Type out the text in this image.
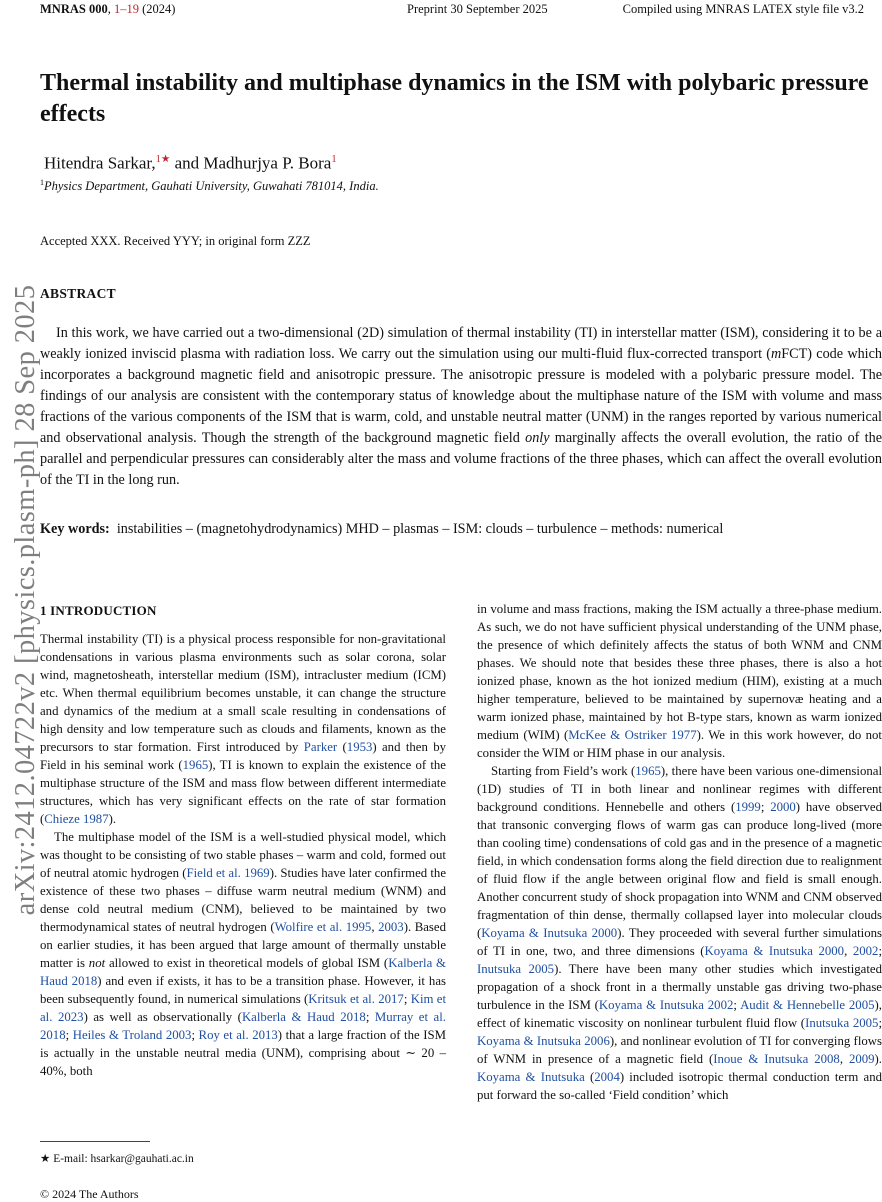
MNRAS 000, 1–19 (2024)	Preprint 30 September 2025	Compiled using MNRAS LATEX style file v3.2
arXiv:2412.04722v2 [physics.plasm-ph] 28 Sep 2025
Thermal instability and multiphase dynamics in the ISM with polybaric pressure effects
Hitendra Sarkar,$^{1★}$ and Madhurjya P. Bora$^1$
$^1$Physics Department, Gauhati University, Guwahati 781014, India.
Accepted XXX. Received YYY; in original form ZZZ
ABSTRACT

In this work, we have carried out a two-dimensional (2D) simulation of thermal instability (TI) in interstellar matter (ISM), considering it to be a weakly ionized inviscid plasma with radiation loss. We carry out the simulation using our multi-fluid flux-corrected transport (mFCT) code which incorporates a background magnetic field and anisotropic pressure. The anisotropic pressure is modeled with a polybaric pressure model. The findings of our analysis are consistent with the contemporary status of knowledge about the multiphase nature of the ISM with volume and mass fractions of the various components of the ISM that is warm, cold, and unstable neutral matter (UNM) in the ranges reported by various numerical and observational analysis. Though the strength of the background magnetic field only marginally affects the overall evolution, the ratio of the parallel and perpendicular pressures can considerably alter the mass and volume fractions of the three phases, which can affect the overall evolution of the TI in the long run.

Key words: instabilities – (magnetohydrodynamics) MHD – plasmas – ISM: clouds – turbulence – methods: numerical
1 INTRODUCTION

Thermal instability (TI) is a physical process responsible for non-gravitational condensations in various plasma environments such as solar corona, solar wind, magnetosheath, interstellar medium (ISM), intracluster medium (ICM) etc. When thermal equilibrium becomes unstable, it can change the structure and dynamics of the medium at a small scale resulting in condensations of high density and low temperature such as clouds and filaments, known as the precursors to star formation. First introduced by Parker (1953) and then by Field in his seminal work (1965), TI is known to explain the existence of the multiphase structure of the ISM and mass flow between different intermediate structures, which has very significant effects on the rate of star formation (Chieze 1987).

The multiphase model of the ISM is a well-studied physical model, which was thought to be consisting of two stable phases – warm and cold, formed out of neutral atomic hydrogen (Field et al. 1969). Studies have later confirmed the existence of these two phases – diffuse warm neutral medium (WNM) and dense cold neutral medium (CNM), believed to be maintained by two thermodynamical states of neutral hydrogen (Wolfire et al. 1995, 2003). Based on earlier studies, it has been argued that large amount of thermally unstable matter is not allowed to exist in theoretical models of global ISM (Kalberla & Haud 2018) and even if exists, it has to be a transition phase. However, it has been subsequently found, in numerical simulations (Kritsuk et al. 2017; Kim et al. 2023) as well as observationally (Kalberla & Haud 2018; Murray et al. 2018; Heiles & Troland 2003; Roy et al. 2013) that a large fraction of the ISM is actually in the unstable neutral media (UNM), comprising about ∼ 20 – 40%, both

in volume and mass fractions, making the ISM actually a three-phase medium. As such, we do not have sufficient physical understanding of the UNM phase, the presence of which definitely affects the status of both WNM and CNM phases. We should note that besides these three phases, there is also a hot ionized phase, known as the hot ionized medium (HIM), existing at a much higher temperature, believed to be maintained by supernovæ heating and a warm ionized phase, maintained by hot B-type stars, known as warm ionized medium (WIM) (McKee & Ostriker 1977). We in this work however, do not consider the WIM or HIM phase in our analysis.

Starting from Field’s work (1965), there have been various one-dimensional (1D) studies of TI in both linear and nonlinear regimes with different background conditions. Hennebelle and others (1999; 2000) have observed that transonic converging flows of warm gas can produce long-lived (more than cooling time) condensations of cold gas and in the presence of a magnetic field, in which condensation forms along the field direction due to realignment of fluid flow if the angle between original flow and field is small enough. Another concurrent study of shock propagation into WNM and CNM observed fragmentation of thin dense, thermally collapsed layer into molecular clouds (Koyama & Inutsuka 2000). They proceeded with several further simulations of TI in one, two, and three dimensions (Koyama & Inutsuka 2000, 2002; Inutsuka 2005). There have been many other studies which investigated propagation of a shock front in a thermally unstable gas driving two-phase turbulence in the ISM (Koyama & Inutsuka 2002; Audit & Hennebelle 2005), effect of kinematic viscosity on nonlinear turbulent fluid flow (Inutsuka 2005; Koyama & Inutsuka 2006), and nonlinear evolution of TI for converging flows of WNM in presence of a magnetic field (Inoue & Inutsuka 2008, 2009). Koyama & Inutsuka (2004) included isotropic thermal conduction term and put forward the so-called ‘Field condition’ which

★ E-mail: hsarkar@gauhati.ac.in
© 2024 The Authors
